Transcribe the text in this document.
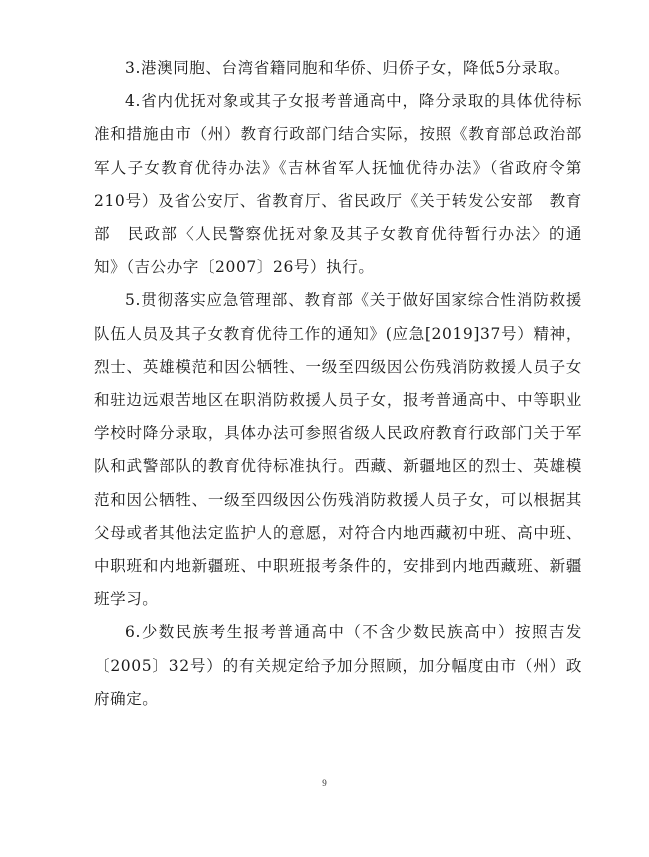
3.港澳同胞、台湾省籍同胞和华侨、归侨子女，降低5分录取。

4.省内优抚对象或其子女报考普通高中，降分录取的具体优待标准和措施由市（州）教育行政部门结合实际，按照《教育部总政治部军人子女教育优待办法》《吉林省军人抚恤优待办法》（省政府令第210号）及省公安厅、省教育厅、省民政厅《关于转发公安部　教育部　民政部〈人民警察优抚对象及其子女教育优待暂行办法〉的通知》（吉公办字〔2007〕26号）执行。

5.贯彻落实应急管理部、教育部《关于做好国家综合性消防救援队伍人员及其子女教育优待工作的通知》(应急[2019]37号）精神，烈士、英雄模范和因公牺牲、一级至四级因公伤残消防救援人员子女和驻边远艰苦地区在职消防救援人员子女，报考普通高中、中等职业学校时降分录取，具体办法可参照省级人民政府教育行政部门关于军队和武警部队的教育优待标准执行。西藏、新疆地区的烈士、英雄模范和因公牺牲、一级至四级因公伤残消防救援人员子女，可以根据其父母或者其他法定监护人的意愿，对符合内地西藏初中班、高中班、中职班和内地新疆班、中职班报考条件的，安排到内地西藏班、新疆班学习。

6.少数民族考生报考普通高中（不含少数民族高中）按照吉发〔2005〕32号）的有关规定给予加分照顾，加分幅度由市（州）政府确定。

9
